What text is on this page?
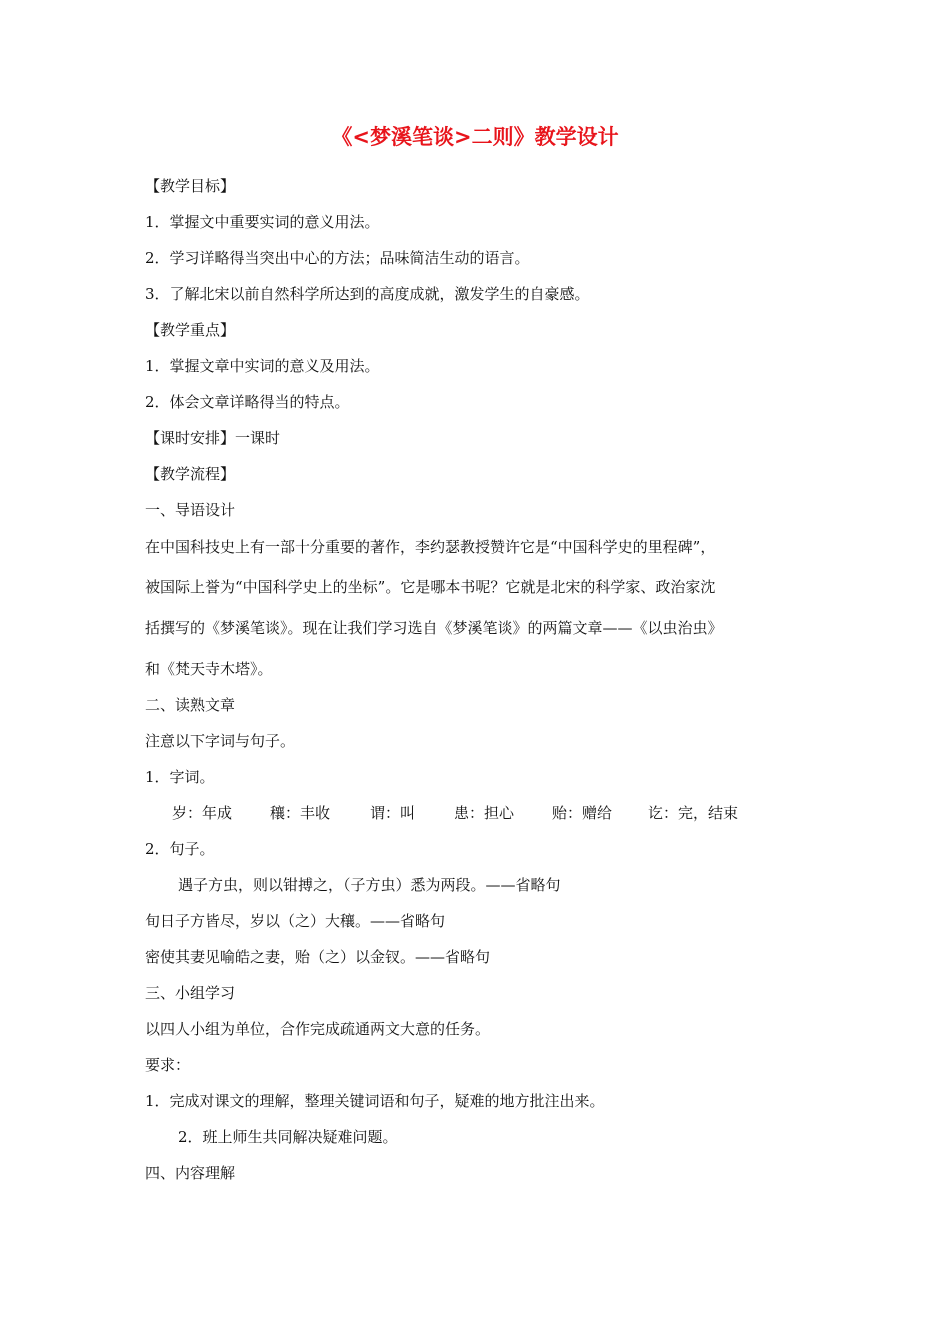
《<梦溪笔谈>二则》教学设计
【教学目标】
1．掌握文中重要实词的意义用法。
2．学习详略得当突出中心的方法；品味简洁生动的语言。
3．了解北宋以前自然科学所达到的高度成就，激发学生的自豪感。
【教学重点】
1．掌握文章中实词的意义及用法。
2．体会文章详略得当的特点。
【课时安排】一课时
【教学流程】
一、导语设计
在中国科技史上有一部十分重要的著作，李约瑟教授赞许它是“中国科学史的里程碑”，
被国际上誉为“中国科学史上的坐标”。它是哪本书呢？它就是北宋的科学家、政治家沈
括撰写的《梦溪笔谈》。现在让我们学习选自《梦溪笔谈》的两篇文章——《以虫治虫》
和《梵天寺木塔》。
二、读熟文章
注意以下字词与句子。
1．字词。
岁：年成	穰：丰收	谓：叫	患：担心	贻：赠给 讫：完，结束
2．句子。
遇子方虫，则以钳搏之，（子方虫）悉为两段。——省略句
旬日子方皆尽，岁以（之）大穰。——省略句
密使其妻见喻皓之妻，贻（之）以金钗。——省略句
三、小组学习
以四人小组为单位，合作完成疏通两文大意的任务。
要求：
1．完成对课文的理解，整理关键词语和句子，疑难的地方批注出来。
2．班上师生共同解决疑难问题。
四、内容理解
